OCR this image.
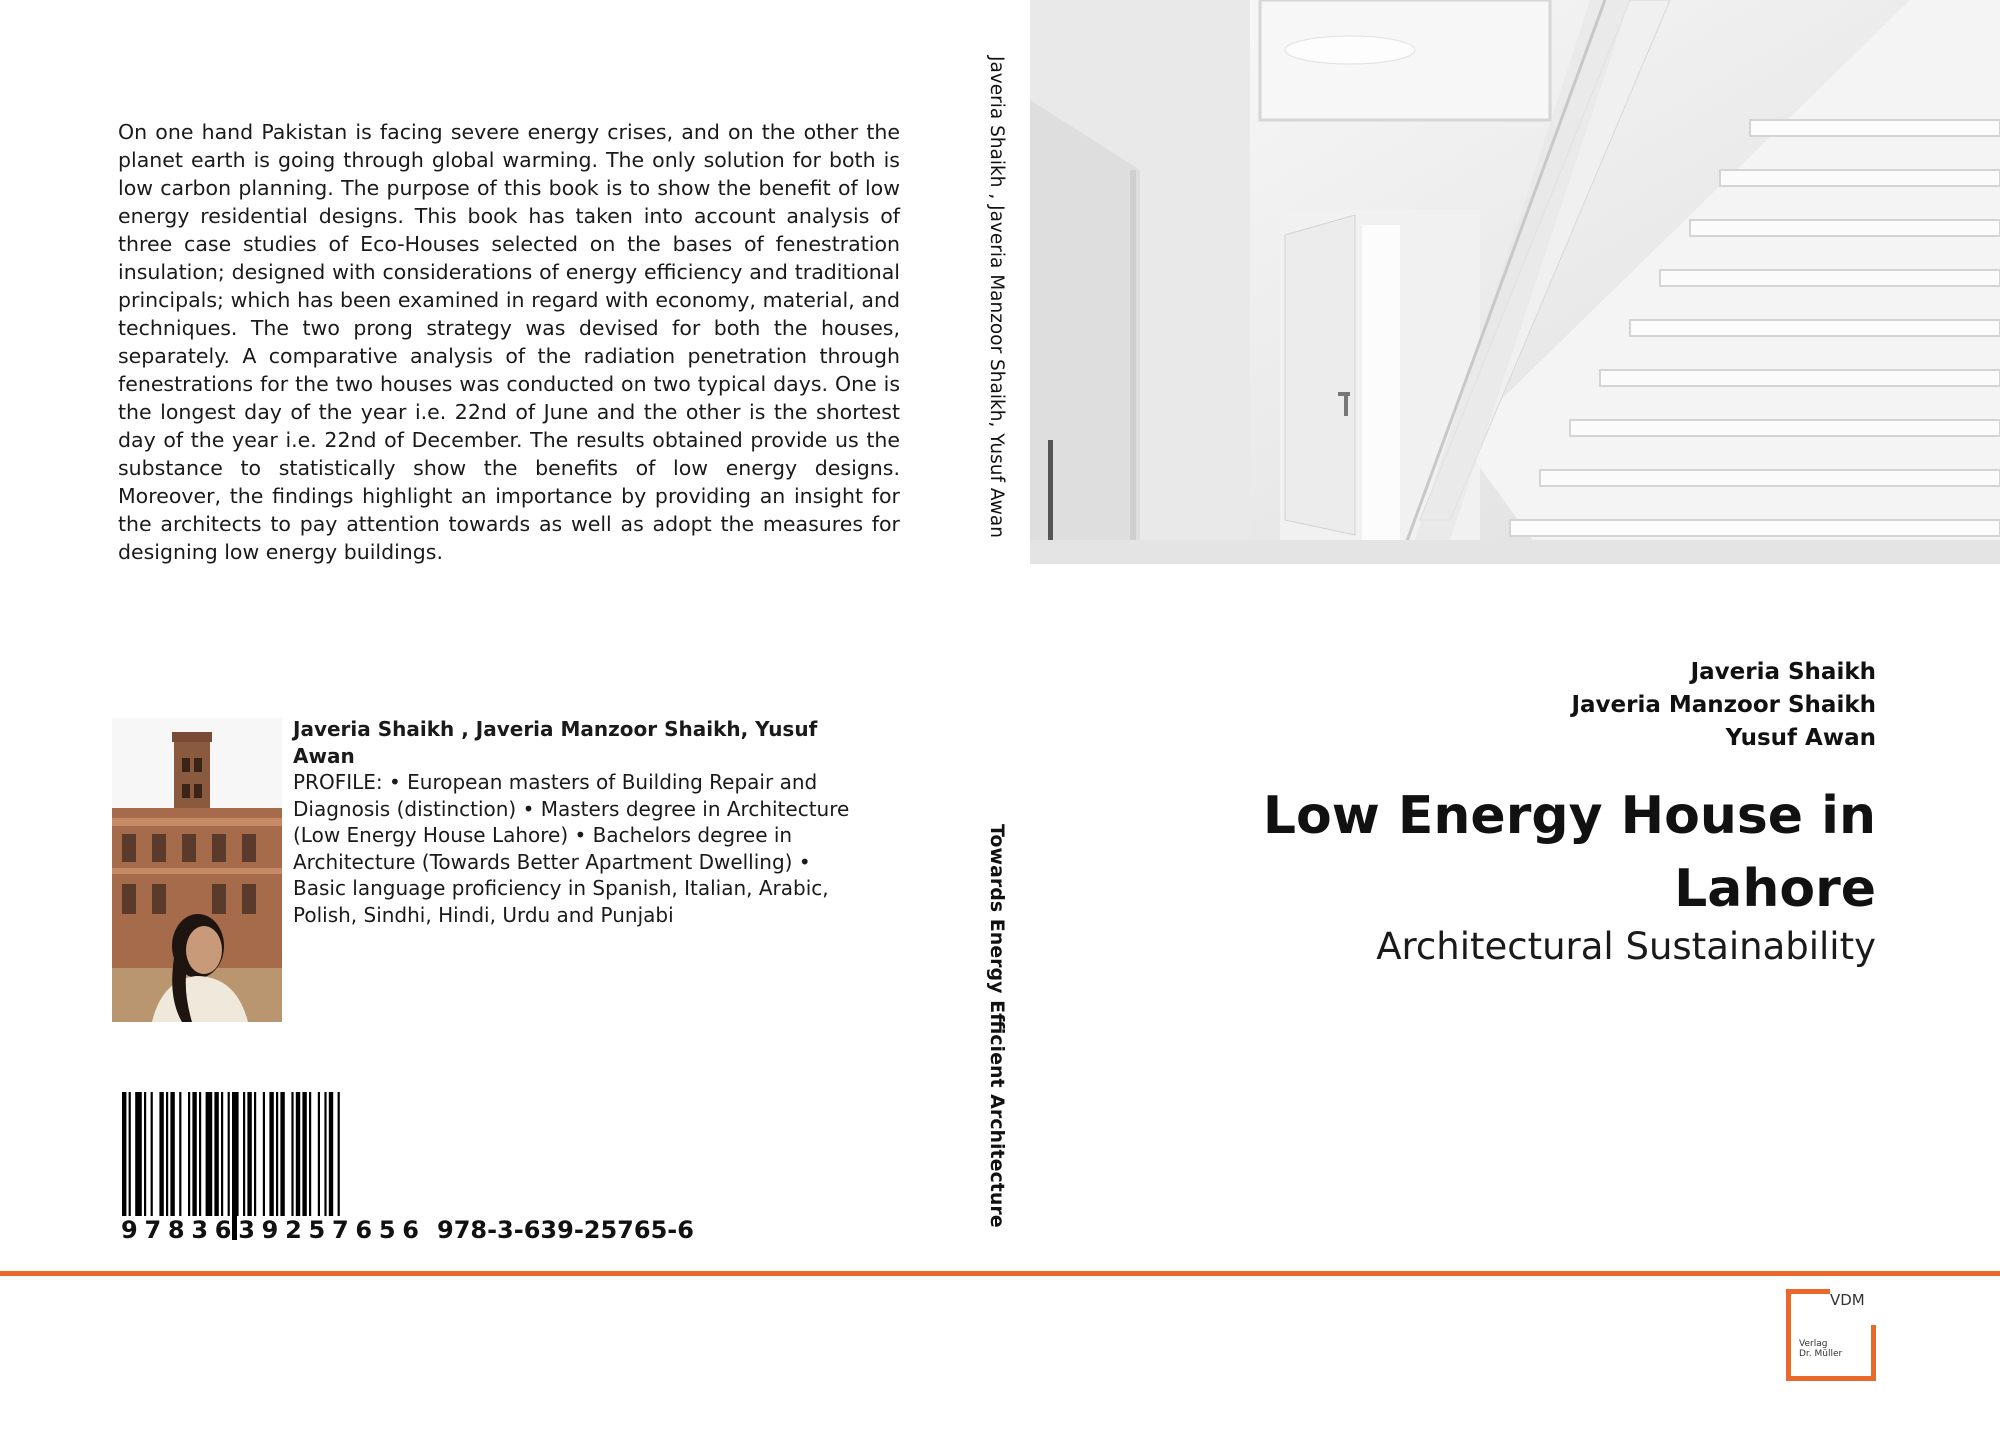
On one hand Pakistan is facing severe energy crises, and on the other the planet earth is going through global warming. The only solution for both is low carbon planning. The purpose of this book is to show the benefit of low energy residential designs. This book has taken into account analysis of three case studies of Eco-Houses selected on the bases of fenestration insulation; designed with considerations of energy efficiency and traditional principals; which has been examined in regard with economy, material, and techniques. The two prong strategy was devised for both the houses, separately. A comparative analysis of the radiation penetration through fenestrations for the two houses was conducted on two typical days. One is the longest day of the year i.e. 22nd of June and the other is the shortest day of the year i.e. 22nd of December. The results obtained provide us the substance to statistically show the benefits of low energy designs. Moreover, the findings highlight an importance by providing an insight for the architects to pay attention towards as well as adopt the measures for designing low energy buildings.
Javeria Shaikh , Javeria Manzoor Shaikh, Yusuf Awan
PROFILE: • European masters of Building Repair and Diagnosis (distinction) • Masters degree in Architecture (Low Energy House Lahore) • Bachelors degree in Architecture (Towards Better Apartment Dwelling) • Basic language proficiency in Spanish, Italian, Arabic, Polish, Sindhi, Hindi, Urdu and Punjabi
9 7 8 3 6 3 9 2 5 7 6 5 6 978-3-639-25765-6
Javeria Shaikh , Javeria Manzoor Shaikh, Yusuf Awan
Towards Energy Efficient Architecture
Javeria Shaikh
Javeria Manzoor Shaikh
Yusuf Awan
Low Energy House in Lahore
Architectural Sustainability
VDM
Verlag
Dr. Müller
